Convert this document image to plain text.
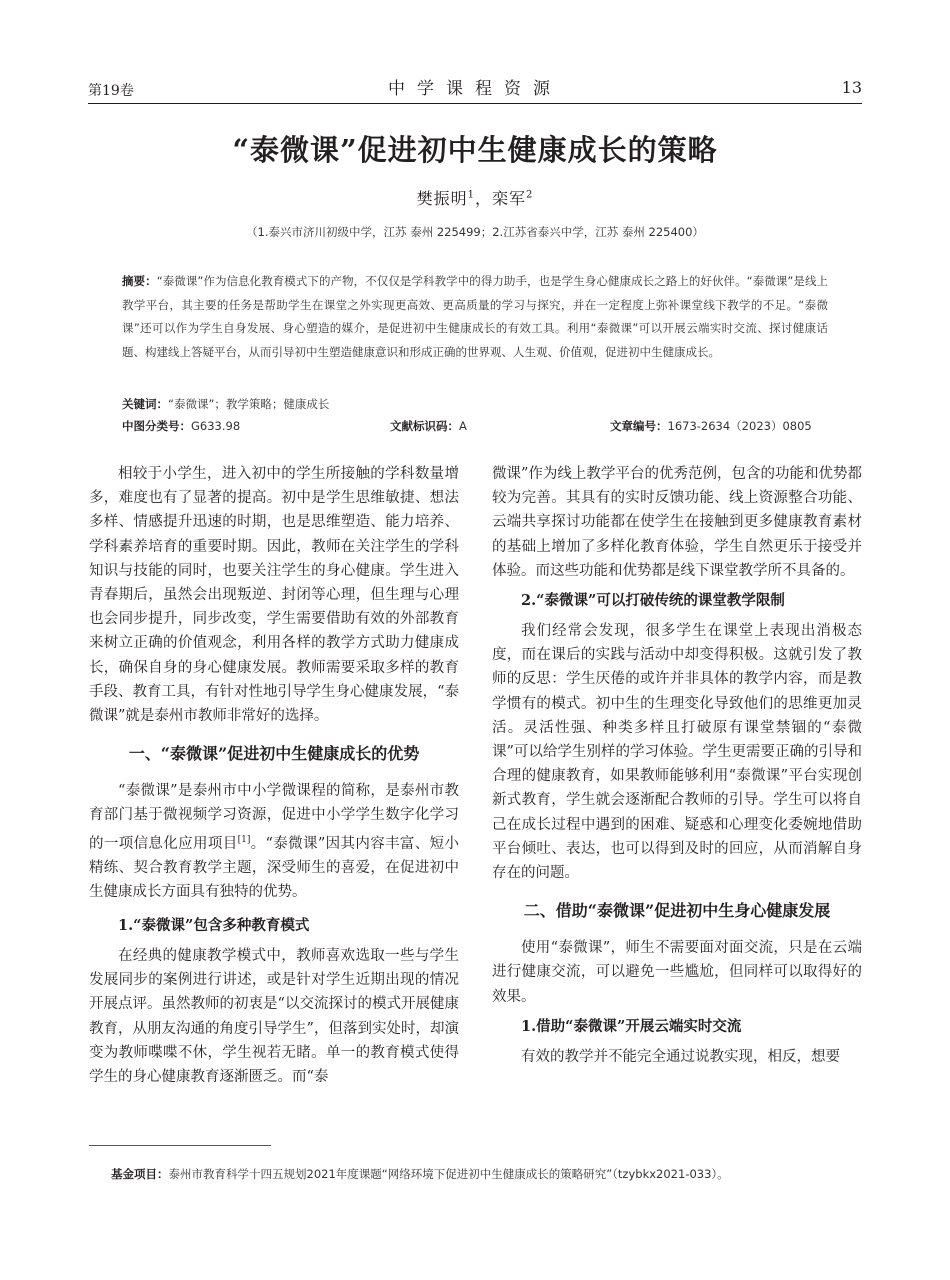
第19卷	中学课程资源	13
“泰微课”促进初中生健康成长的策略
樊振明$^1$，栾军$^2$
（1.泰兴市济川初级中学，江苏 泰州 225499；2.江苏省泰兴中学，江苏 泰州 225400）
摘要：“泰微课”作为信息化教育模式下的产物，不仅仅是学科教学中的得力助手，也是学生身心健康成长之路上的好伙伴。“泰微课”是线上教学平台，其主要的任务是帮助学生在课堂之外实现更高效、更高质量的学习与探究，并在一定程度上弥补课堂线下教学的不足。“泰微课”还可以作为学生自身发展、身心塑造的媒介，是促进初中生健康成长的有效工具。利用“泰微课”可以开展云端实时交流、探讨健康话题、构建线上答疑平台，从而引导初中生塑造健康意识和形成正确的世界观、人生观、价值观，促进初中生健康成长。
关键词：“泰微课”；教学策略；健康成长
中图分类号：G633.98	文献标识码：A	文章编号：1673-2634（2023）0805

相较于小学生，进入初中的学生所接触的学科数量增多，难度也有了显著的提高。初中是学生思维敏捷、想法多样、情感提升迅速的时期，也是思维塑造、能力培养、学科素养培育的重要时期。因此，教师在关注学生的学科知识与技能的同时，也要关注学生的身心健康。学生进入青春期后，虽然会出现叛逆、封闭等心理，但生理与心理也会同步提升，同步改变，学生需要借助有效的外部教育来树立正确的价值观念，利用各样的教学方式助力健康成长，确保自身的身心健康发展。教师需要采取多样的教育手段、教育工具，有针对性地引导学生身心健康发展，“泰微课”就是泰州市教师非常好的选择。

一、“泰微课”促进初中生健康成长的优势

“泰微课”是泰州市中小学微课程的简称，是泰州市教育部门基于微视频学习资源，促进中小学学生数字化学习的一项信息化应用项目[1]。“泰微课”因其内容丰富、短小精练、契合教育教学主题，深受师生的喜爱，在促进初中生健康成长方面具有独特的优势。

1.“泰微课”包含多种教育模式

在经典的健康教学模式中，教师喜欢选取一些与学生发展同步的案例进行讲述，或是针对学生近期出现的情况开展点评。虽然教师的初衷是“以交流探讨的模式开展健康教育，从朋友沟通的角度引导学生”，但落到实处时，却演变为教师喋喋不休，学生视若无睹。单一的教育模式使得学生的身心健康教育逐渐匮乏。而“泰

微课”作为线上教学平台的优秀范例，包含的功能和优势都较为完善。其具有的实时反馈功能、线上资源整合功能、云端共享探讨功能都在使学生在接触到更多健康教育素材的基础上增加了多样化教育体验，学生自然更乐于接受并体验。而这些功能和优势都是线下课堂教学所不具备的。

2.“泰微课”可以打破传统的课堂教学限制

我们经常会发现，很多学生在课堂上表现出消极态度，而在课后的实践与活动中却变得积极。这就引发了教师的反思：学生厌倦的或许并非具体的教学内容，而是教学惯有的模式。初中生的生理变化导致他们的思维更加灵活。灵活性强、种类多样且打破原有课堂禁锢的“泰微课”可以给学生别样的学习体验。学生更需要正确的引导和合理的健康教育，如果教师能够利用“泰微课”平台实现创新式教育，学生就会逐渐配合教师的引导。学生可以将自己在成长过程中遇到的困难、疑惑和心理变化委婉地借助平台倾吐、表达，也可以得到及时的回应，从而消解自身存在的问题。

二、借助“泰微课”促进初中生身心健康发展

使用“泰微课”，师生不需要面对面交流，只是在云端进行健康交流，可以避免一些尴尬，但同样可以取得好的效果。

1.借助“泰微课”开展云端实时交流

有效的教学并不能完全通过说教实现，相反，想要

基金项目：泰州市教育科学十四五规划2021年度课题“网络环境下促进初中生健康成长的策略研究”（tzybkx2021-033）。
